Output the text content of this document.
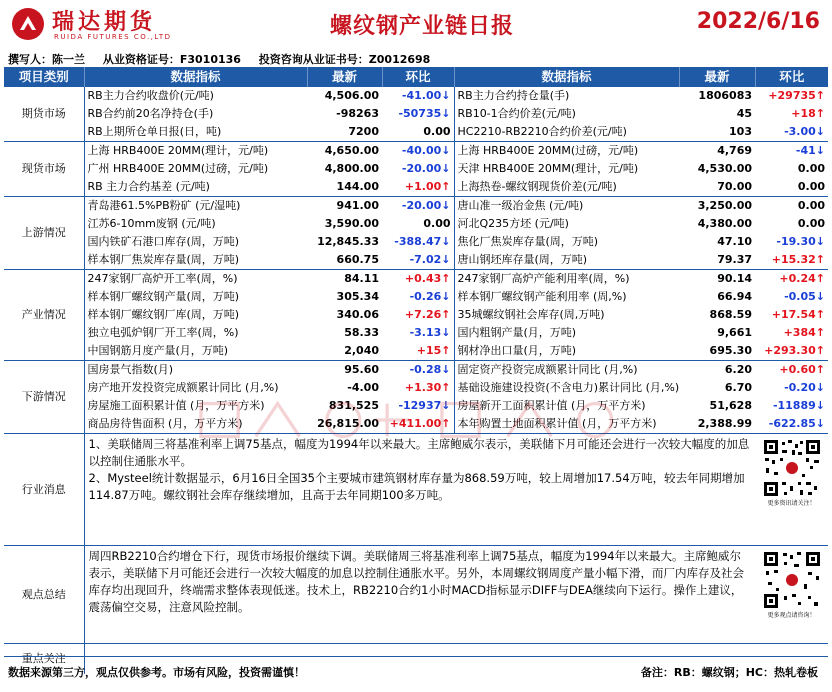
瑞达期货
RUIDA FUTURES CO.,LTD	螺纹钢产业链日报	2022/6/16
撰写人：陈一兰 从业资格证号：F3010136 投资咨询从业证书号：Z0012698
项目类别	数据指标	最新	环比	数据指标	最新	环比
期货市场	RB主力合约收盘价(元/吨)	4,506.00	-41.00↓	RB主力合约持仓量(手)	1806083	+29735↑
	RB合约前20名净持仓(手)	-98263	-50735↓	RB10-1合约价差(元/吨)	45	+18↑
	RB上期所仓单日报(日，吨)	7200	0.00	HC2210-RB2210合约价差(元/吨)	103	-3.00↓
现货市场	上海 HRB400E 20MM(理计，元/吨)	4,650.00	-40.00↓	上海 HRB400E 20MM(过磅，元/吨)	4,769	-41↓
	广州 HRB400E 20MM(过磅，元/吨)	4,800.00	-20.00↓	天津 HRB400E 20MM(理计，元/吨)	4,530.00	0.00
	RB 主力合约基差 (元/吨)	144.00	+1.00↑	上海热卷-螺纹钢现货价差(元/吨)	70.00	0.00
上游情况	青岛港61.5%PB粉矿 (元/湿吨)	941.00	-20.00↓	唐山准一级冶金焦 (元/吨)	3,250.00	0.00
	江苏6-10mm废钢 (元/吨)	3,590.00	0.00	河北Q235方坯 (元/吨)	4,380.00	0.00
	国内铁矿石港口库存(周，万吨)	12,845.33	-388.47↓	焦化厂焦炭库存量(周，万吨)	47.10	-19.30↓
	样本钢厂焦炭库存量(周，万吨)	660.75	-7.02↓	唐山钢坯库存量(周，万吨)	79.37	+15.32↑
产业情况	247家钢厂高炉开工率(周，%)	84.11	+0.43↑	247家钢厂高炉产能利用率(周，%)	90.14	+0.24↑
	样本钢厂螺纹钢产量(周，万吨)	305.34	-0.26↓	样本钢厂螺纹钢产能利用率 (周,%)	66.94	-0.05↓
	样本钢厂螺纹钢厂库(周，万吨)	340.06	+7.26↑	35城螺纹钢社会库存(周,万吨)	868.59	+17.54↑
	独立电弧炉钢厂开工率(周，%)	58.33	-3.13↓	国内粗钢产量(月，万吨)	9,661	+384↑
	中国钢筋月度产量(月，万吨)	2,040	+15↑	钢材净出口量(月，万吨)	695.30	+293.30↑
下游情况	国房景气指数(月)	95.60	-0.28↓	固定资产投资完成额累计同比 (月,%)	6.20	+0.60↑
	房产地开发投资完成额累计同比 (月,%)	-4.00	+1.30↑	基础设施建设投资(不含电力)累计同比 (月,%)	6.70	-0.20↓
	房屋施工面积累计值 (月，万平方米)	831,525	-12937↓	房屋新开工面积累计值 (月，万平方米)	51,628	-11889↓
	商品房待售面积 (月，万平方米)	26,815.00	+411.00↑	本年购置土地面积累计值 (月，万平方米)	2,388.99	-622.85↓
行业消息	1、美联储周三将基准利率上调75基点，幅度为1994年以来最大。主席鲍威尔表示，美联储下月可能还会进行一次较大幅度的加息以控制住通胀水平。
2、Mysteel统计数据显示，6月16日全国35个主要城市建筑钢材库存量为868.59万吨，较上周增加17.54万吨，较去年同期增加114.87万吨。螺纹钢社会库存继续增加，且高于去年同期100多万吨。					更多资讯请关注！

观点总结	周四RB2210合约增仓下行，现货市场报价继续下调。美联储周三将基准利率上调75基点，幅度为1994年以来最大。主席鲍威尔表示，美联储下月可能还会进行一次较大幅度的加息以控制住通胀水平。另外，本周螺纹钢周度产量小幅下滑，而厂内库存及社会库存均出现回升，终端需求整体表现低迷。技术上，RB2210合约1小时MACD指标显示DIFF与DEA继续向下运行。操作上建议，震荡偏空交易，注意风险控制。					更多观点请咨询！

重点关注						
数据来源第三方，观点仅供参考。市场有风险，投资需谨慎！	备注：RB：螺纹钢；HC：热轧卷板
